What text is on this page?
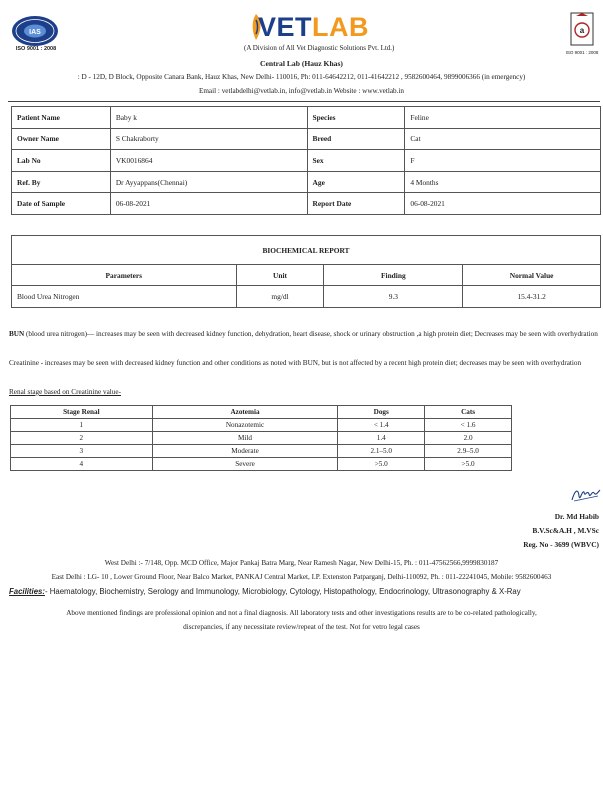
IAS
ISO 9001 : 2008
VETLAB
(A Division of All Vet Diagnostic Solutions Pvt. Ltd.)
a
ISO 9001 : 2008
Central Lab (Hauz Khas)
: D - 12D, D Block, Opposite Canara Bank, Hauz Khas, New Delhi- 110016, Ph: 011-64642212, 011-41642212 , 9582600464, 9899006366 (in emergency)
Email : vetlabdelhi@vetlab.in, info@vetlab.in Website : www.vetlab.in
Patient Name	Baby k	Species	Feline
Owner Name	S Chakraborty	Breed	Cat
Lab No	VK0016864	Sex	F
Ref. By	Dr Ayyappans(Chennai)	Age	4 Months
Date of Sample	06-08-2021	Report Date	06-08-2021
BIOCHEMICAL REPORT			
Parameters	Unit	Finding	Normal Value
Blood Urea Nitrogen	mg/dl	9.3	15.4-31.2
BUN (blood urea nitrogen)— increases may be seen with decreased kidney function, dehydration, heart disease, shock or urinary obstruction ,a high protein diet; Decreases may be seen with overhydration
Creatinine - increases may be seen with decreased kidney function and other conditions as noted with BUN, but is not affected by a recent high protein diet; decreases may be seen with overhydration
Renal stage based on Creatinine value-
Stage Renal	Azotemia	Dogs	Cats
1	Nonazotemic	< 1.4	< 1.6
2	Mild	1.4	2.0
3	Moderate	2.1–5.0	2.9–5.0
4	Severe	>5.0	>5.0
Dr. Md Habib
B.V.Sc&A.H , M.VSc
Reg. No - 3699 (WBVC)
West Delhi :- 7/148, Opp. MCD Office, Major Pankaj Batra Marg, Near Ramesh Nagar, New Delhi-15, Ph. : 011-47562566,9999830187
East Delhi : LG- 10 , Lower Ground Floor, Near Balco Market, PANKAJ Central Market, I.P. Extenston Patparganj, Delhi-110092, Ph. : 011-22241045, Mobile: 9582600463
Facilities:- Haematology, Biochemistry, Serology and Immunology, Microbiology, Cytology, Histopathology, Endocrinology, Ultrasonography & X-Ray
Above mentioned findings are professional opinion and not a final diagnosis. All laboratory tests and other investigations results are to be co-related pathologically,
discrepancies, if any necessitate review/repeat of the test. Not for vetro legal cases
